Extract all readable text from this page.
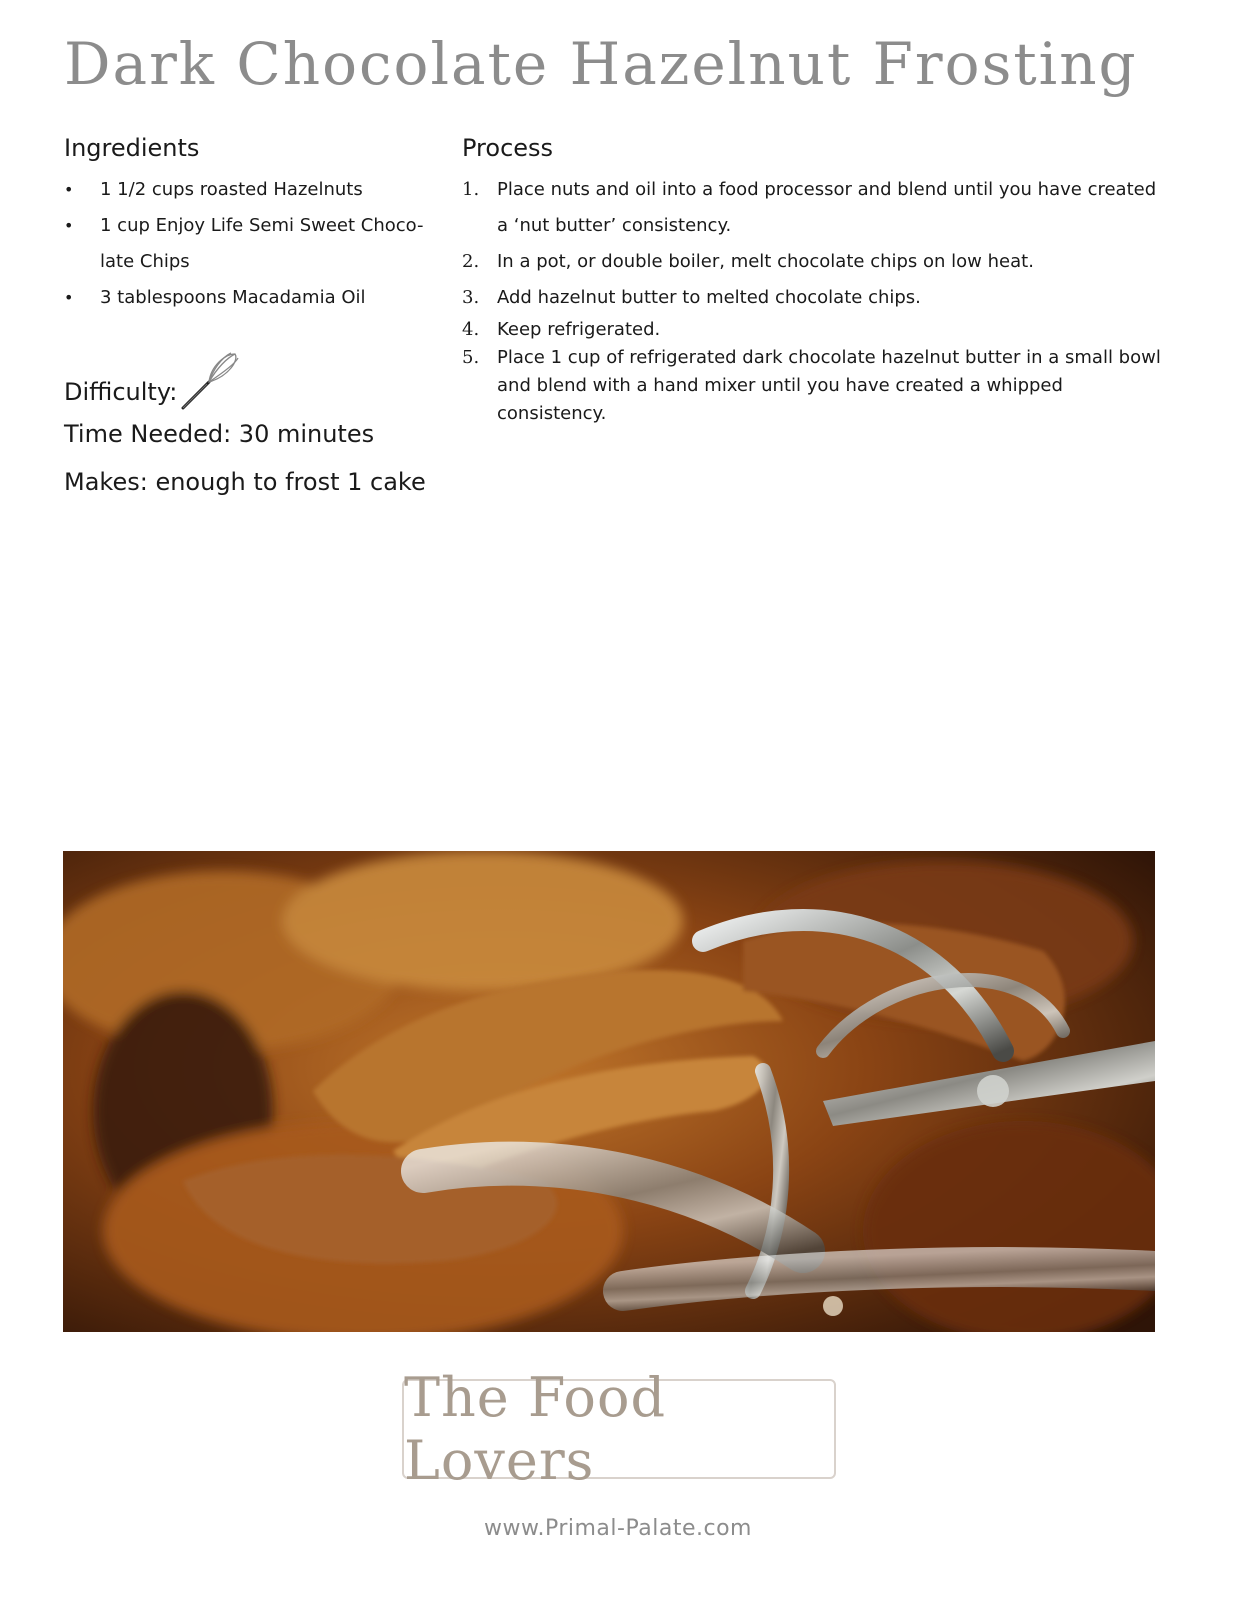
Dark Chocolate Hazelnut Frosting
Ingredients
• 1 1/2 cups roasted Hazelnuts
• 1 cup Enjoy Life Semi Sweet Choco-late Chips
• 3 tablespoons Macadamia Oil
Difficulty:
Time Needed: 30 minutes
Makes: enough to frost 1 cake
Process
1. Place nuts and oil into a food processor and blend until you have created a ‘nut butter’ consistency.
2. In a pot, or double boiler, melt chocolate chips on low heat.
3. Add hazelnut butter to melted chocolate chips.
4. Keep refrigerated.
5. Place 1 cup of refrigerated dark chocolate hazelnut butter in a small bowl and blend with a hand mixer until you have created a whipped consistency.
The Food Lovers
www.Primal-Palate.com
